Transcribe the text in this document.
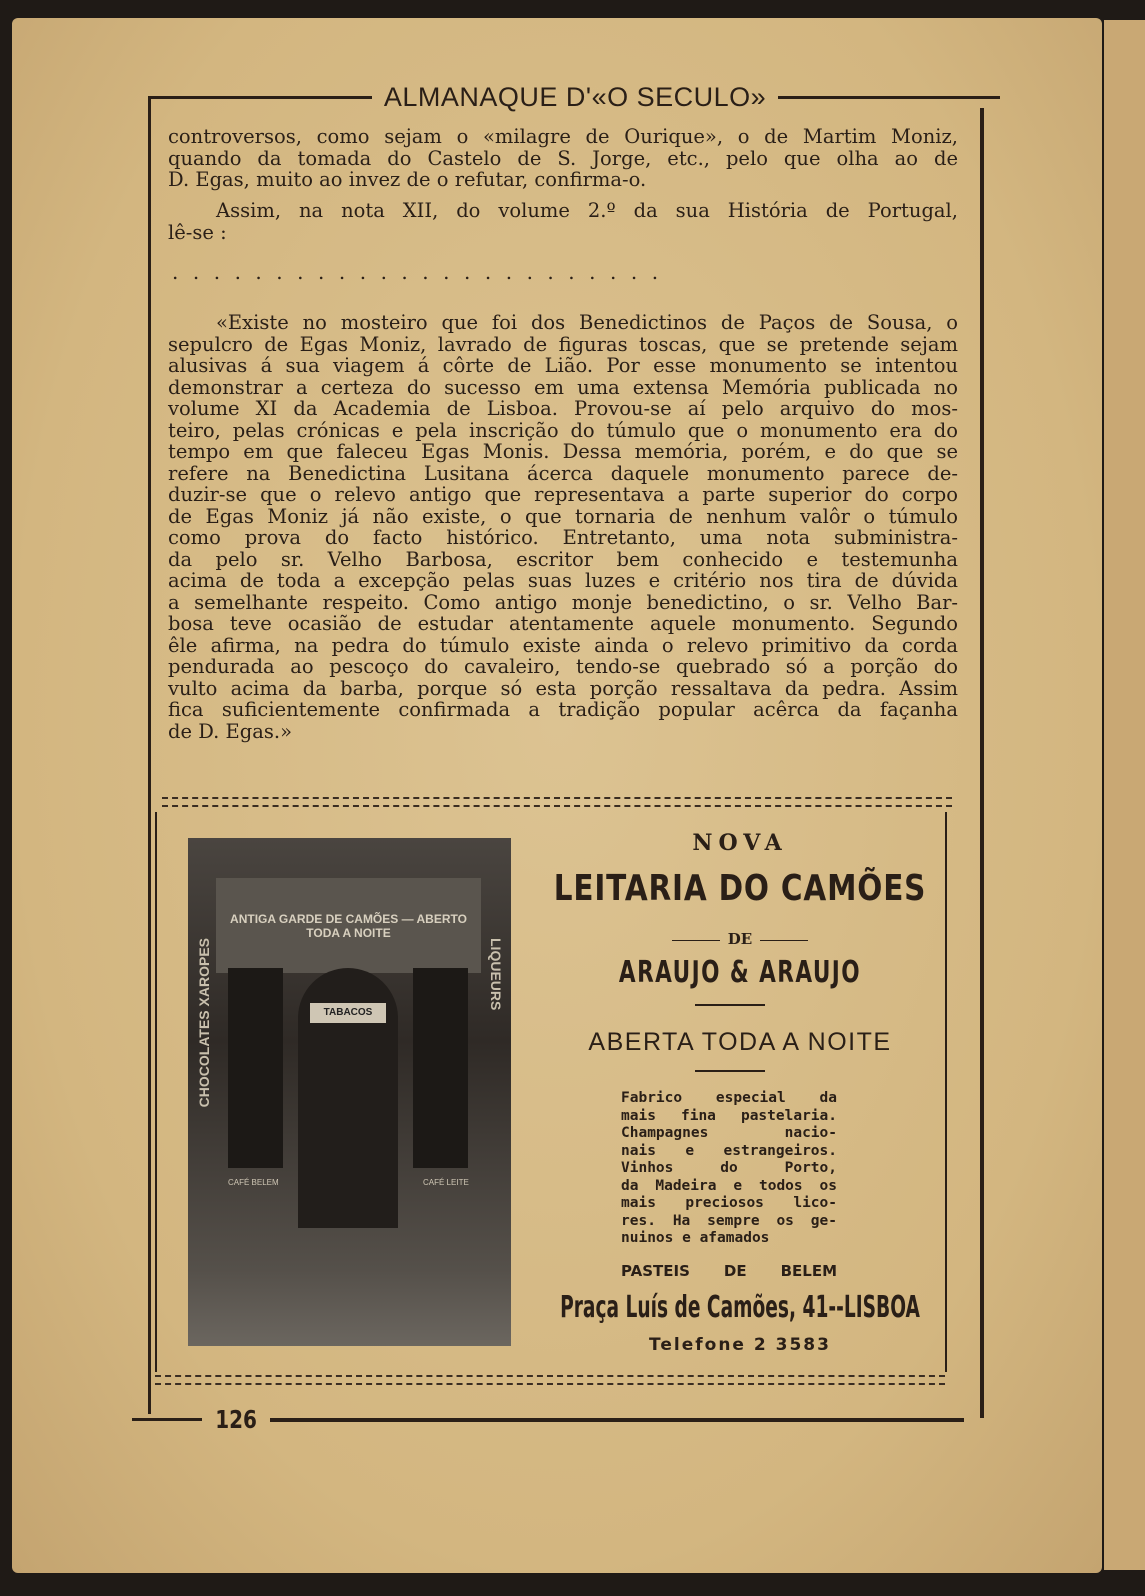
ALMANAQUE D'«O SECULO»
controversos, como sejam o «milagre de Ourique», o de Martim Moniz,
quando da tomada do Castelo de S. Jorge, etc., pelo que olha ao de
D. Egas, muito ao invez de o refutar, confirma-o.
Assim, na nota XII, do volume 2.º da sua História de Portugal,
lê-se :
........................
«Existe no mosteiro que foi dos Benedictinos de Paços de Sousa, o
sepulcro de Egas Moniz, lavrado de figuras toscas, que se pretende sejam
alusivas á sua viagem á côrte de Lião. Por esse monumento se intentou
demonstrar a certeza do sucesso em uma extensa Memória publicada no
volume XI da Academia de Lisboa. Provou-se aí pelo arquivo do mos-
teiro, pelas crónicas e pela inscrição do túmulo que o monumento era do
tempo em que faleceu Egas Monis. Dessa memória, porém, e do que se
refere na Benedictina Lusitana ácerca daquele monumento parece de-
duzir-se que o relevo antigo que representava a parte superior do corpo
de Egas Moniz já não existe, o que tornaria de nenhum valôr o túmulo
como prova do facto histórico. Entretanto, uma nota subministra-
da pelo sr. Velho Barbosa, escritor bem conhecido e testemunha
acima de toda a excepção pelas suas luzes e critério nos tira de dúvida
a semelhante respeito. Como antigo monje benedictino, o sr. Velho Bar-
bosa teve ocasião de estudar atentamente aquele monumento. Segundo
êle afirma, na pedra do túmulo existe ainda o relevo primitivo da corda
pendurada ao pescoço do cavaleiro, tendo-se quebrado só a porção do
vulto acima da barba, porque só esta porção ressaltava da pedra. Assim
fica suficientemente confirmada a tradição popular acêrca da façanha
de D. Egas.»
ANTIGA GARDE DE CAMÕES — ABERTO TODA A NOITE
TABACOS
CHOCOLATES XAROPES	LIQUEURS
CAFÉ BELEM	CAFÉ LEITE
NOVA
LEITARIA DO CAMÕES
DE
ARAUJO & ARAUJO
ABERTA TODA A NOITE
Fabrico especial da
mais fina pastelaria.
Champagnes nacio-
nais e estrangeiros.
Vinhos do Porto,
da Madeira e todos os
mais preciosos lico-
res. Ha sempre os ge-
nuinos e afamados
PASTEIS DE BELEM
Praça Luís de Camões, 41--LISBOA
Telefone 2 3583
126
